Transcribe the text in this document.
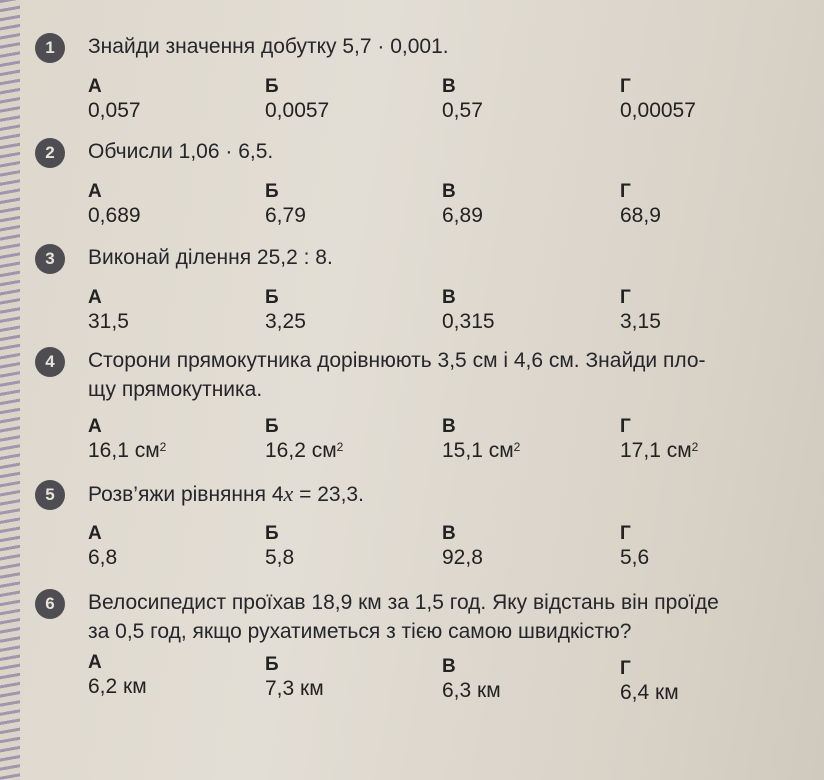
1	Знайди значення добутку 5,7 · 0,001.
А
0,057
Б
0,0057
В
0,57
Г
0,00057
2	Обчисли 1,06 · 6,5.
А
0,689
Б
6,79
В
6,89
Г
68,9
3	Виконай ділення 25,2 : 8.
А
31,5
Б
3,25
В
0,315
Г
3,15
4	Сторони прямокутника дорівнюють 3,5 см і 4,6 см. Знайди пло-
щу прямокутника.
А
16,1 $см^2$
Б
16,2 $см^2$
В
15,1 $см^2$
Г
17,1 $см^2$
5	Розв’яжи рівняння 4x = 23,3.
А
6,8
Б
5,8
В
92,8
Г
5,6
6	Велосипедист проїхав 18,9 км за 1,5 год. Яку відстань він проїде
за 0,5 год, якщо рухатиметься з тією самою швидкістю?
А
6,2 км
Б
7,3 км
В
6,3 км
Г
6,4 км
